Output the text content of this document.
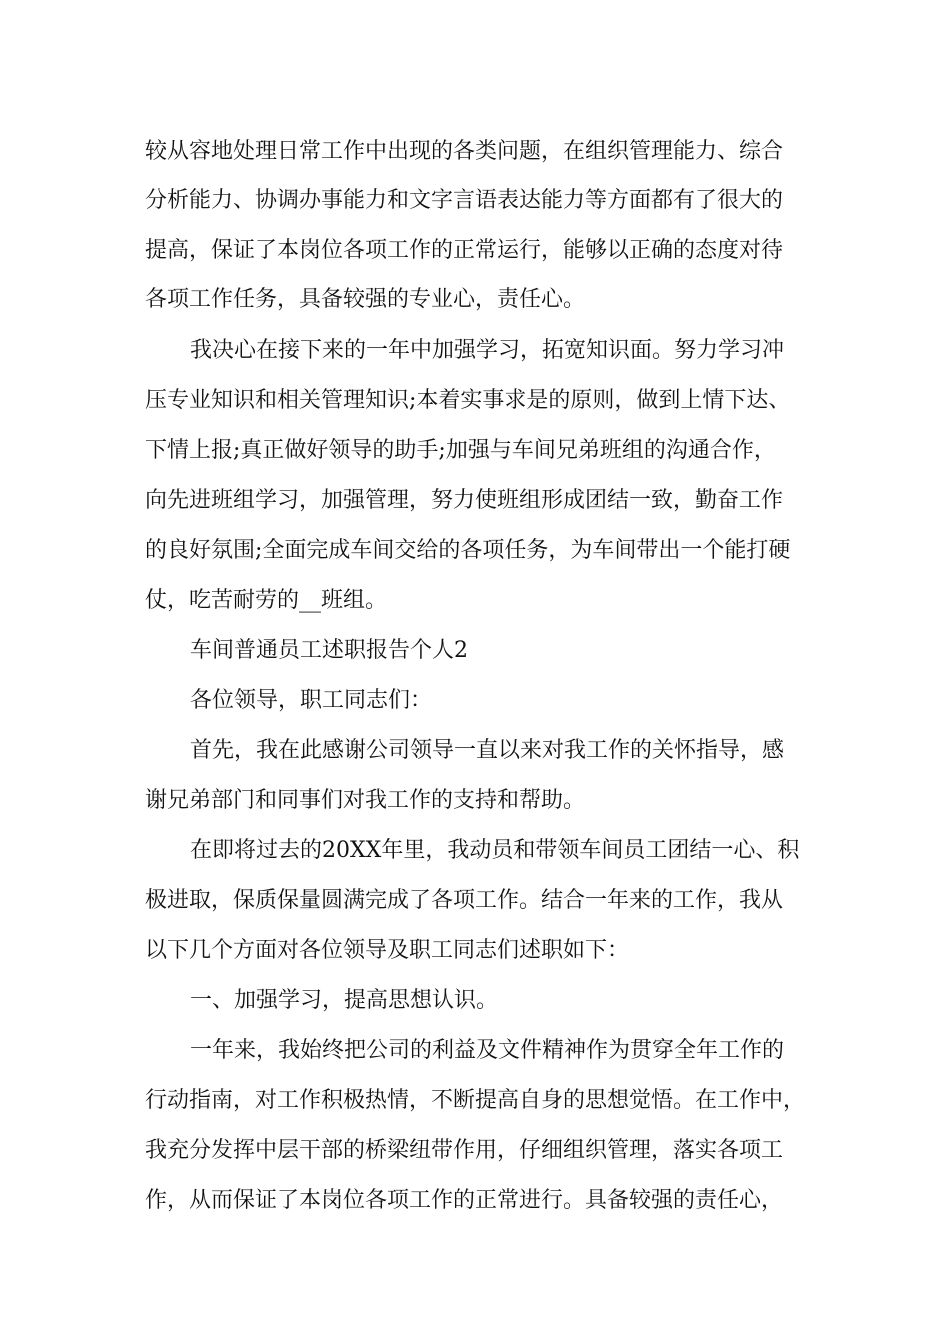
较从容地处理日常工作中出现的各类问题，在组织管理能力、综合

分析能力、协调办事能力和文字言语表达能力等方面都有了很大的

提高，保证了本岗位各项工作的正常运行，能够以正确的态度对待

各项工作任务，具备较强的专业心，责任心。

我决心在接下来的一年中加强学习，拓宽知识面。努力学习冲

压专业知识和相关管理知识;本着实事求是的原则，做到上情下达、

下情上报;真正做好领导的助手;加强与车间兄弟班组的沟通合作，

向先进班组学习，加强管理，努力使班组形成团结一致，勤奋工作

的良好氛围;全面完成车间交给的各项任务，为车间带出一个能打硬

仗，吃苦耐劳的__班组。

车间普通员工述职报告个人2

各位领导，职工同志们：

首先，我在此感谢公司领导一直以来对我工作的关怀指导，感

谢兄弟部门和同事们对我工作的支持和帮助。

在即将过去的20XX年里，我动员和带领车间员工团结一心、积

极进取，保质保量圆满完成了各项工作。结合一年来的工作，我从

以下几个方面对各位领导及职工同志们述职如下：

一、加强学习，提高思想认识。

一年来，我始终把公司的利益及文件精神作为贯穿全年工作的

行动指南，对工作积极热情，不断提高自身的思想觉悟。在工作中，

我充分发挥中层干部的桥梁纽带作用，仔细组织管理，落实各项工

作，从而保证了本岗位各项工作的正常进行。具备较强的责任心，
